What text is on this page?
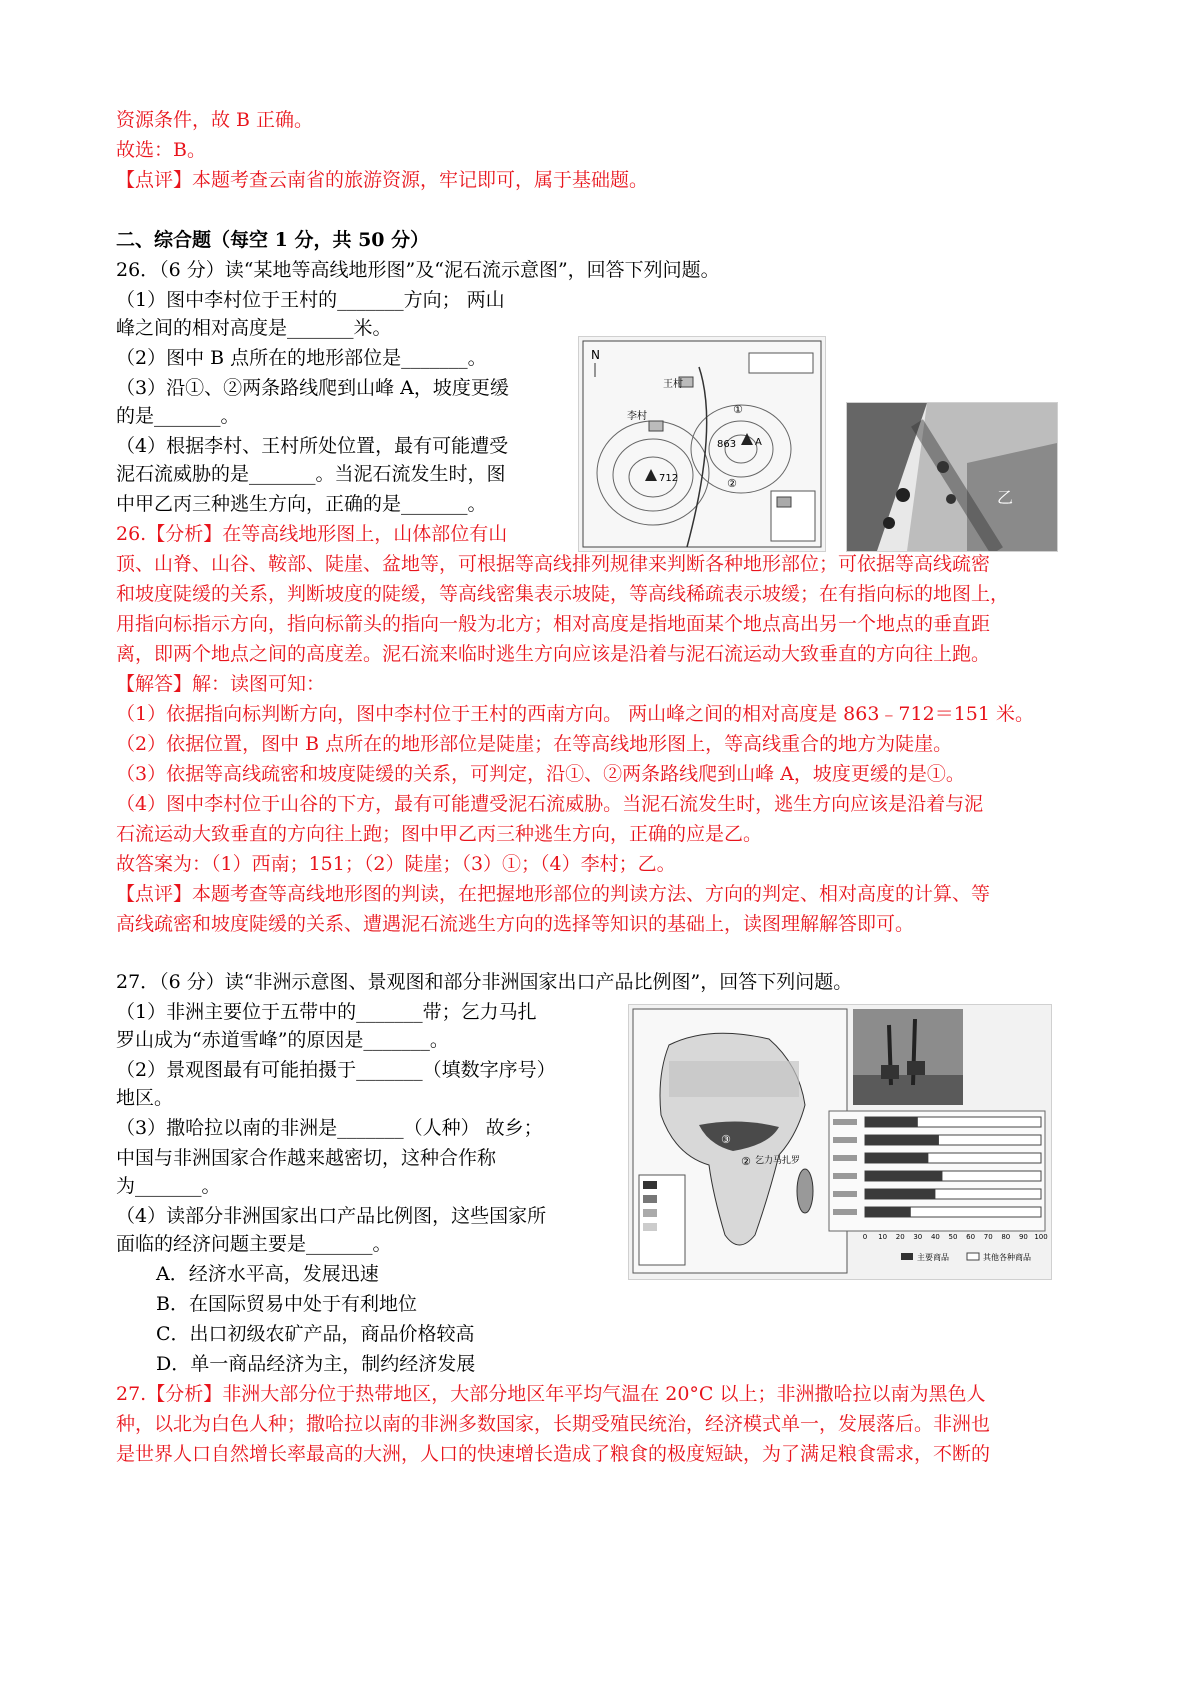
资源条件，故 B 正确。
故选：B。
【点评】本题考查云南省的旅游资源，牢记即可，属于基础题。
二、综合题（每空 1 分，共 50 分）
26．（6 分）读“某地等高线地形图”及“泥石流示意图”，回答下列问题。
（1）图中李村位于王村的_______方向； 两山
峰之间的相对高度是_______米。
（2）图中 B 点所在的地形部位是_______。
（3）沿①、②两条路线爬到山峰 A，坡度更缓
的是_______。
（4）根据李村、王村所处位置，最有可能遭受
泥石流威胁的是_______。当泥石流发生时，图
中甲乙丙三种逃生方向，正确的是_______。
N
712
863 A
王村
李村
①
②
乙
26.【分析】在等高线地形图上，山体部位有山
顶、山脊、山谷、鞍部、陡崖、盆地等，可根据等高线排列规律来判断各种地形部位；可依据等高线疏密
和坡度陡缓的关系，判断坡度的陡缓，等高线密集表示坡陡，等高线稀疏表示坡缓；在有指向标的地图上，
用指向标指示方向，指向标箭头的指向一般为北方；相对高度是指地面某个地点高出另一个地点的垂直距
离，即两个地点之间的高度差。泥石流来临时逃生方向应该是沿着与泥石流运动大致垂直的方向往上跑。
【解答】解：读图可知：
（1）依据指向标判断方向，图中李村位于王村的西南方向。 两山峰之间的相对高度是 863﹣712＝151 米。
（2）依据位置，图中 B 点所在的地形部位是陡崖；在等高线地形图上，等高线重合的地方为陡崖。
（3）依据等高线疏密和坡度陡缓的关系，可判定，沿①、②两条路线爬到山峰 A，坡度更缓的是①。
（4）图中李村位于山谷的下方，最有可能遭受泥石流威胁。当泥石流发生时，逃生方向应该是沿着与泥
石流运动大致垂直的方向往上跑；图中甲乙丙三种逃生方向，正确的应是乙。
故答案为：（1）西南；151；（2）陡崖；（3）①；（4）李村；乙。
【点评】本题考查等高线地形图的判读，在把握地形部位的判读方法、方向的判定、相对高度的计算、等
高线疏密和坡度陡缓的关系、遭遇泥石流逃生方向的选择等知识的基础上，读图理解解答即可。
27．（6 分）读“非洲示意图、景观图和部分非洲国家出口产品比例图”，回答下列问题。
（1）非洲主要位于五带中的_______带；乞力马扎
罗山成为“赤道雪峰”的原因是_______。
（2）景观图最有可能拍摄于_______（填数字序号）
地区。
（3）撒哈拉以南的非洲是_______（人种） 故乡；
中国与非洲国家合作越来越密切，这种合作称
为_______。
（4）读部分非洲国家出口产品比例图，这些国家所
面临的经济问题主要是_______。
A．经济水平高，发展迅速
B．在国际贸易中处于有利地位
C．出口初级农矿产品，商品价格较高
D．单一商品经济为主，制约经济发展
③
② 乞力马扎罗
0 10 20 30 40 50 60 70 80 90 100
主要商品	其他各种商品
27.【分析】非洲大部分位于热带地区，大部分地区年平均气温在 20°C 以上；非洲撒哈拉以南为黑色人
种，以北为白色人种；撒哈拉以南的非洲多数国家，长期受殖民统治，经济模式单一，发展落后。非洲也
是世界人口自然增长率最高的大洲，人口的快速增长造成了粮食的极度短缺，为了满足粮食需求，不断的
